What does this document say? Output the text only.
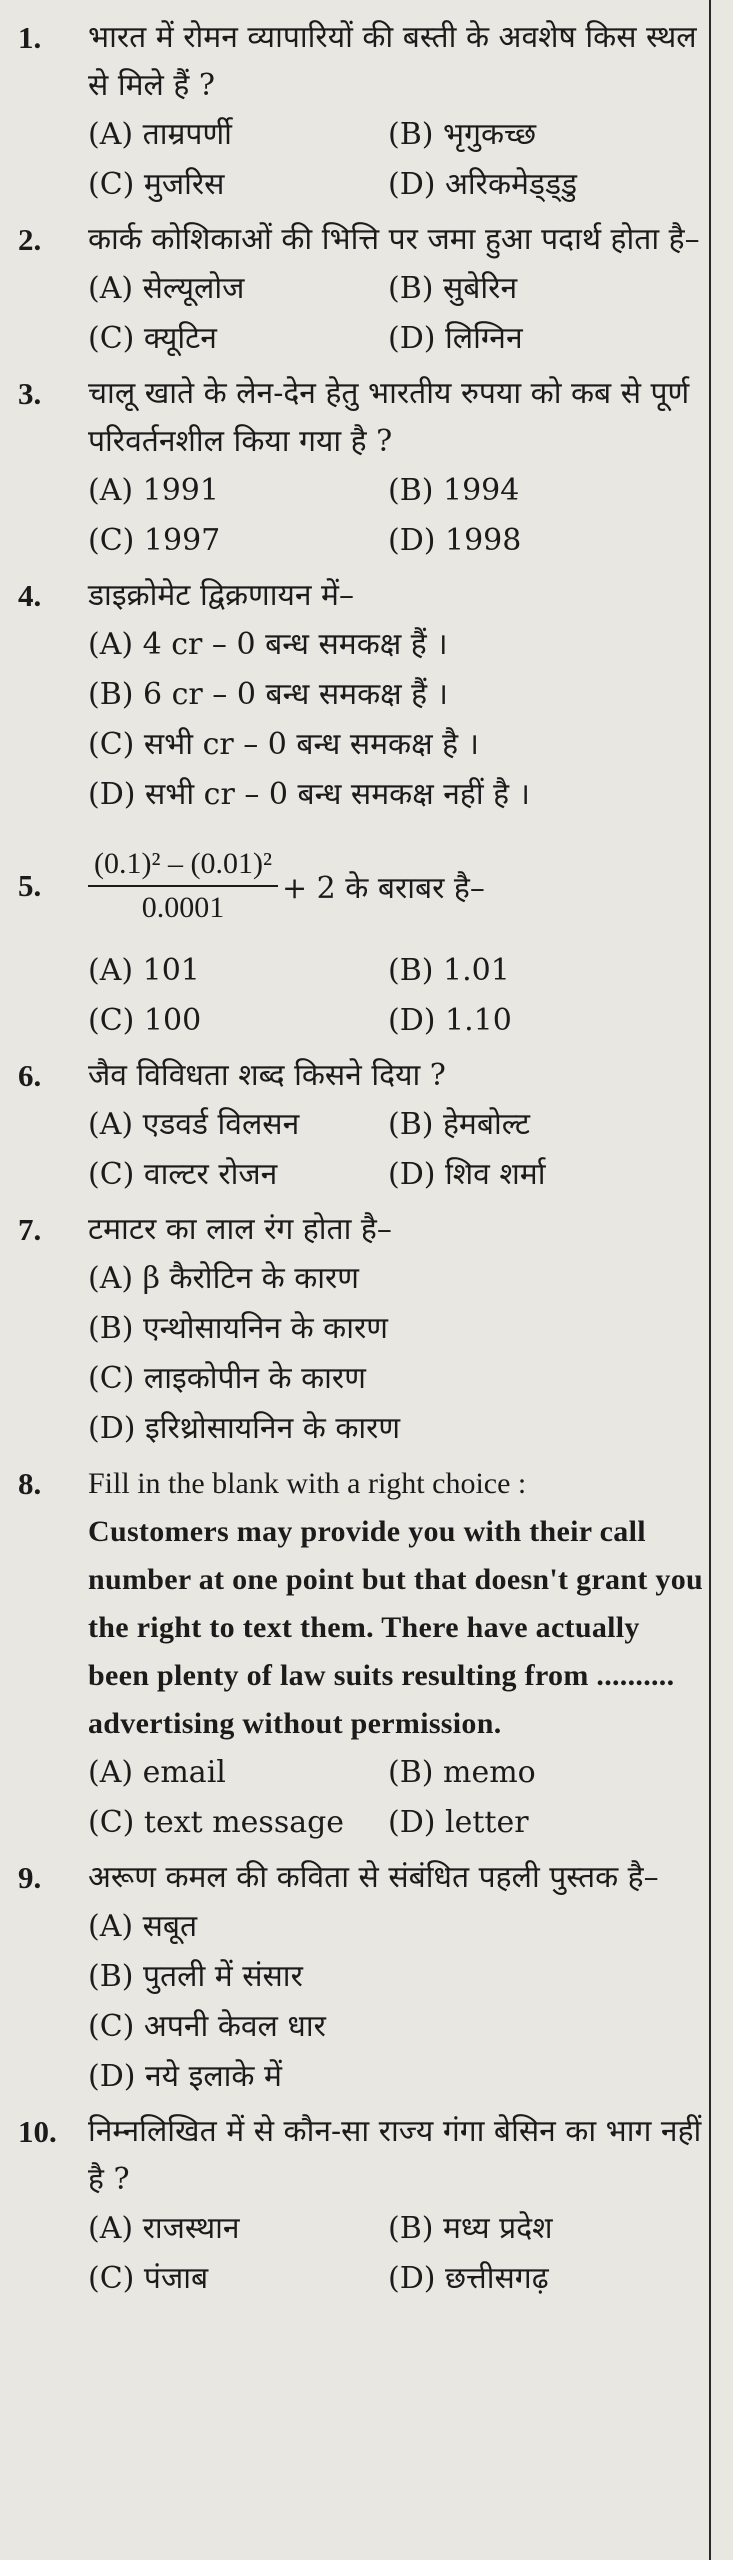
1.	भारत में रोमन व्यापारियों की बस्ती के अवशेष किस स्थल से मिले हैं ?
(A) ताम्रपर्णी	(B) भृगुकच्छ
(C) मुजरिस	(D) अरिकमेड्ड्डु
2.	कार्क कोशिकाओं की भित्ति पर जमा हुआ पदार्थ होता है–
(A) सेल्यूलोज	(B) सुबेरिन
(C) क्यूटिन	(D) लिग्निन
3.	चालू खाते के लेन-देन हेतु भारतीय रुपया को कब से पूर्ण परिवर्तनशील किया गया है ?
(A) 1991	(B) 1994
(C) 1997	(D) 1998
4.	डाइक्रोमेट द्विक्रणायन में–
(A) 4 cr – 0 बन्ध समकक्ष हैं ।
(B) 6 cr – 0 बन्ध समकक्ष हैं ।
(C) सभी cr – 0 बन्ध समकक्ष है ।
(D) सभी cr – 0 बन्ध समकक्ष नहीं है ।
5.	$\frac{\text{(0.1)² – (0.01)²}}{0.0001} + 2$ के बराबर है–
(A) 101	(B) 1.01
(C) 100	(D) 1.10
6.	जैव विविधता शब्द किसने दिया ?
(A) एडवर्ड विलसन	(B) हेमबोल्ट
(C) वाल्टर रोजन	(D) शिव शर्मा
7.	टमाटर का लाल रंग होता है–
(A) β कैरोटिन के कारण
(B) एन्थोसायनिन के कारण
(C) लाइकोपीन के कारण
(D) इरिथ्रोसायनिन के कारण
8.	Fill in the blank with a right choice :
Customers may provide you with their call number at one point but that doesn't grant you the right to text them. There have actually been plenty of law suits resulting from .......... advertising without permission.
(A) email	(B) memo
(C) text message	(D) letter
9.	अरूण कमल की कविता से संबंधित पहली पुस्तक है–
(A) सबूत
(B) पुतली में संसार
(C) अपनी केवल धार
(D) नये इलाके में
10.	निम्नलिखित में से कौन-सा राज्य गंगा बेसिन का भाग नहीं है ?
(A) राजस्थान	(B) मध्य प्रदेश
(C) पंजाब	(D) छत्तीसगढ़
